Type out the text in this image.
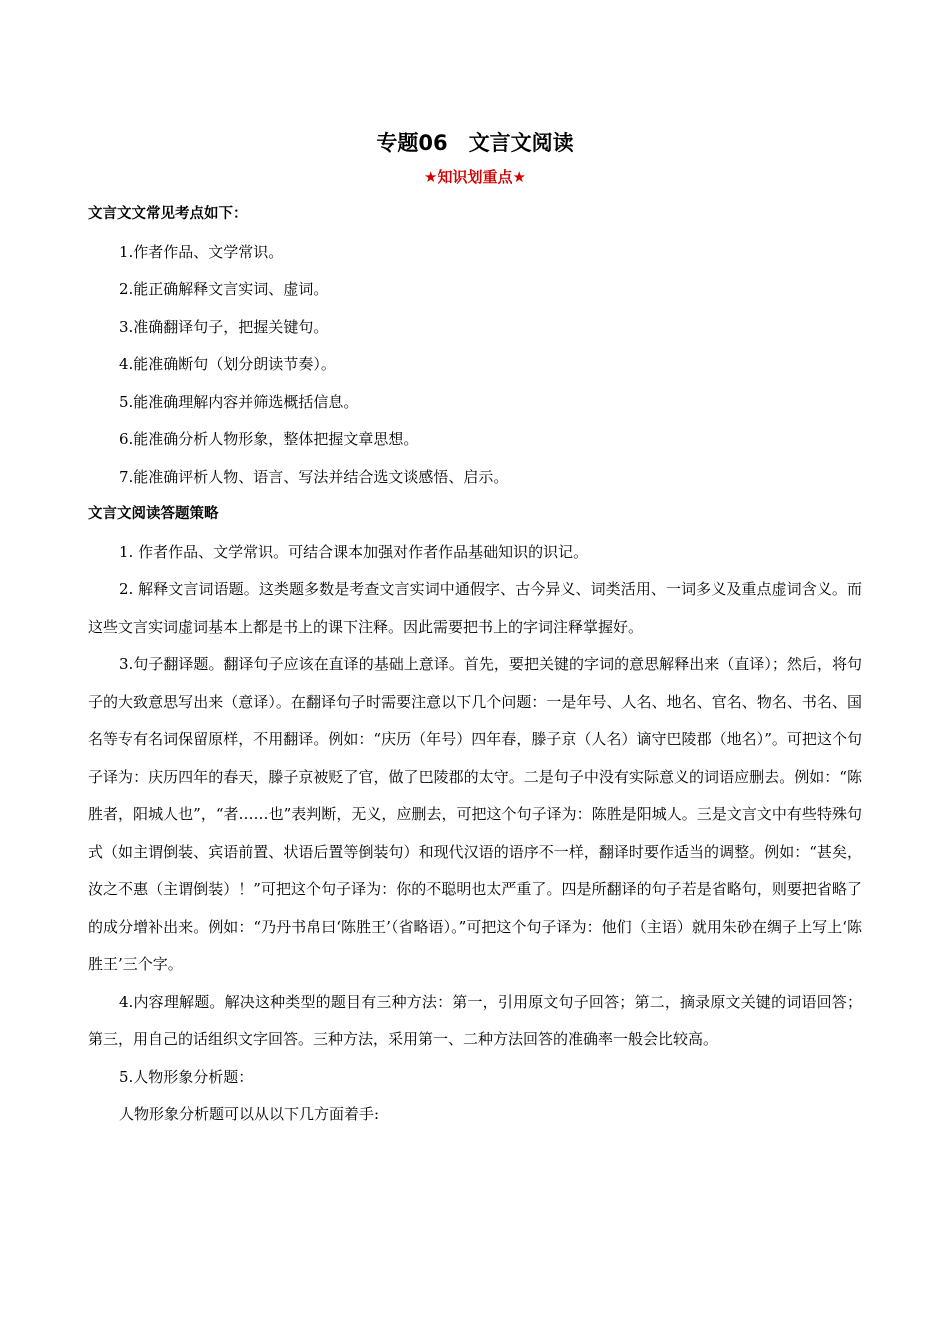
专题06　文言文阅读
★知识划重点★
文言文文常见考点如下：
1.作者作品、文学常识。
2.能正确解释文言实词、虚词。
3.准确翻译句子，把握关键句。
4.能准确断句（划分朗读节奏）。
5.能准确理解内容并筛选概括信息。
6.能准确分析人物形象，整体把握文章思想。
7.能准确评析人物、语言、写法并结合选文谈感悟、启示。
文言文阅读答题策略

1. 作者作品、文学常识。可结合课本加强对作者作品基础知识的识记。

2. 解释文言词语题。这类题多数是考查文言实词中通假字、古今异义、词类活用、一词多义及重点虚词含义。而这些文言实词虚词基本上都是书上的课下注释。因此需要把书上的字词注释掌握好。

3.句子翻译题。翻译句子应该在直译的基础上意译。首先，要把关键的字词的意思解释出来（直译）；然后，将句子的大致意思写出来（意译）。在翻译句子时需要注意以下几个问题：一是年号、人名、地名、官名、物名、书名、国名等专有名词保留原样，不用翻译。例如：“庆历（年号）四年春，滕子京（人名）谪守巴陵郡（地名）”。可把这个句子译为：庆历四年的春天，滕子京被贬了官，做了巴陵郡的太守。二是句子中没有实际意义的词语应删去。例如：“陈胜者，阳城人也”，“者……也”表判断，无义，应删去，可把这个句子译为：陈胜是阳城人。三是文言文中有些特殊句式（如主谓倒装、宾语前置、状语后置等倒装句）和现代汉语的语序不一样，翻译时要作适当的调整。例如：“甚矣，汝之不惠（主谓倒装）！”可把这个句子译为：你的不聪明也太严重了。四是所翻译的句子若是省略句，则要把省略了的成分增补出来。例如：“乃丹书帛曰‘陈胜王’（省略语）。”可把这个句子译为：他们（主语）就用朱砂在绸子上写上‘陈胜王’三个字。

4.内容理解题。解决这种类型的题目有三种方法：第一，引用原文句子回答；第二，摘录原文关键的词语回答；第三，用自己的话组织文字回答。三种方法，采用第一、二种方法回答的准确率一般会比较高。

5.人物形象分析题：

人物形象分析题可以从以下几方面着手:
